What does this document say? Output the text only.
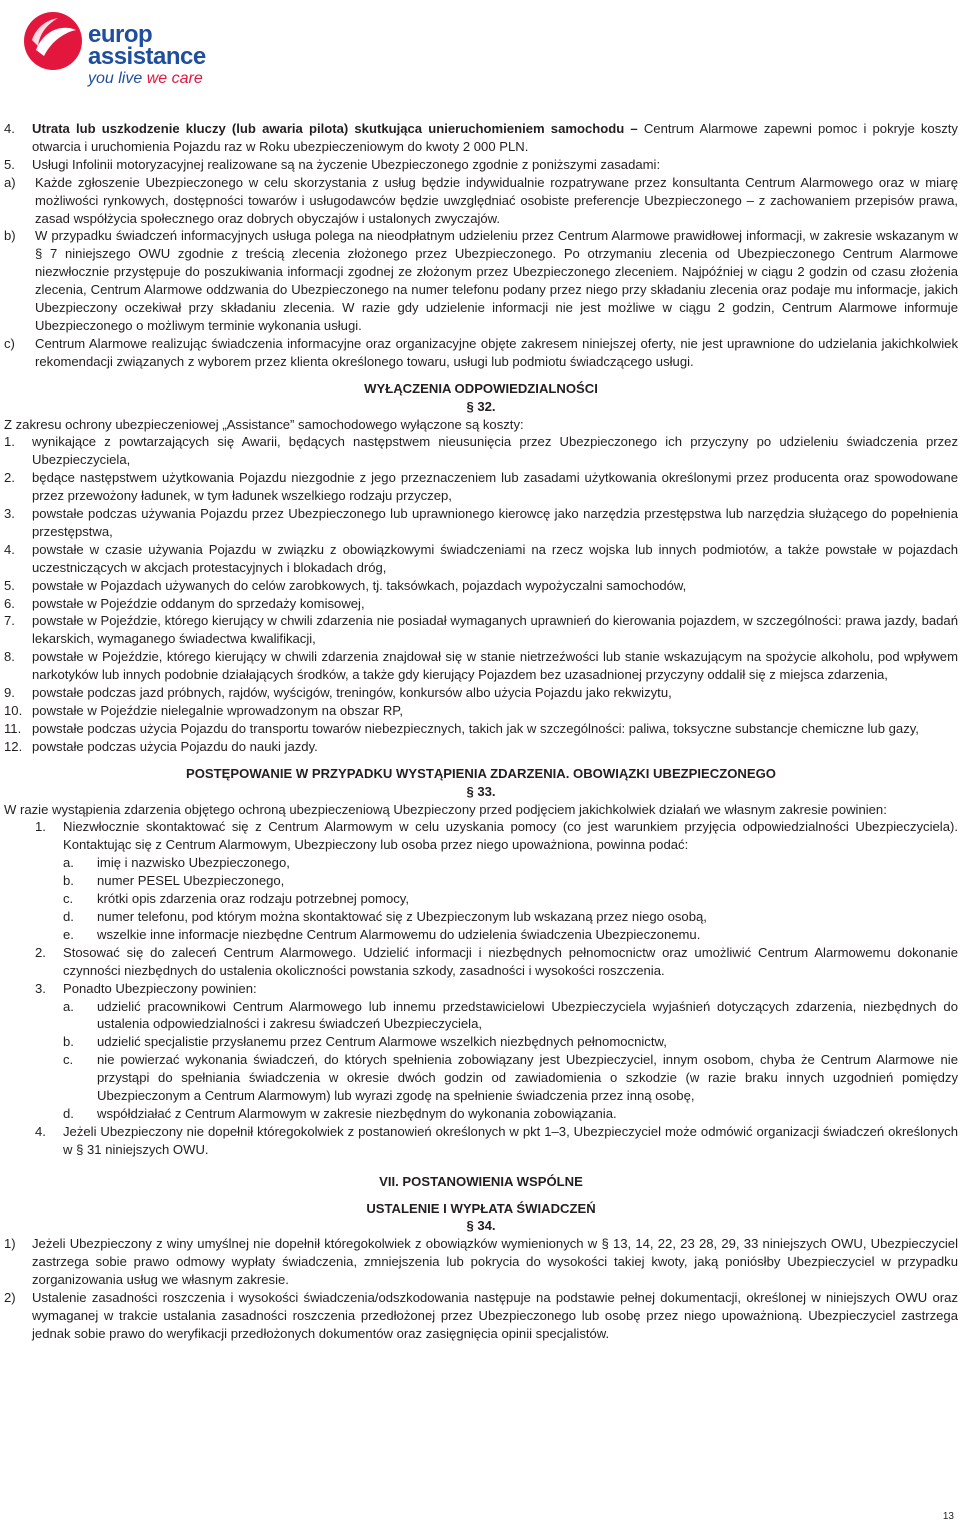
europ
assistance
you live we care
4. Utrata lub uszkodzenie kluczy (lub awaria pilota) skutkująca unieruchomieniem samochodu – Centrum Alarmowe zapewni pomoc i pokryje koszty otwarcia i uruchomienia Pojazdu raz w Roku ubezpieczeniowym do kwoty 2 000 PLN.
5. Usługi Infolinii motoryzacyjnej realizowane są na życzenie Ubezpieczonego zgodnie z poniższymi zasadami:
a) Każde zgłoszenie Ubezpieczonego w celu skorzystania z usług będzie indywidualnie rozpatrywane przez konsultanta Centrum Alarmowego oraz w miarę możliwości rynkowych, dostępności towarów i usługodawców będzie uwzględniać osobiste preferencje Ubezpieczonego – z zachowaniem przepisów prawa, zasad współżycia społecznego oraz dobrych obyczajów i ustalonych zwyczajów.
b) W przypadku świadczeń informacyjnych usługa polega na nieodpłatnym udzieleniu przez Centrum Alarmowe prawidłowej informacji, w zakresie wskazanym w § 7 niniejszego OWU zgodnie z treścią zlecenia złożonego przez Ubezpieczonego. Po otrzymaniu zlecenia od Ubezpieczonego Centrum Alarmowe niezwłocznie przystępuje do poszukiwania informacji zgodnej ze złożonym przez Ubezpieczonego zleceniem. Najpóźniej w ciągu 2 godzin od czasu złożenia zlecenia, Centrum Alarmowe oddzwania do Ubezpieczonego na numer telefonu podany przez niego przy składaniu zlecenia oraz podaje mu informacje, jakich Ubezpieczony oczekiwał przy składaniu zlecenia. W razie gdy udzielenie informacji nie jest możliwe w ciągu 2 godzin, Centrum Alarmowe informuje Ubezpieczonego o możliwym terminie wykonania usługi.
c) Centrum Alarmowe realizując świadczenia informacyjne oraz organizacyjne objęte zakresem niniejszej oferty, nie jest uprawnione do udzielania jakichkolwiek rekomendacji związanych z wyborem przez klienta określonego towaru, usługi lub podmiotu świadczącego usługi.
WYŁĄCZENIA ODPOWIEDZIALNOŚCI
§ 32.

Z zakresu ochrony ubezpieczeniowej „Assistance” samochodowego wyłączone są koszty:

1. wynikające z powtarzających się Awarii, będących następstwem nieusunięcia przez Ubezpieczonego ich przyczyny po udzieleniu świadczenia przez Ubezpieczyciela,
2. będące następstwem użytkowania Pojazdu niezgodnie z jego przeznaczeniem lub zasadami użytkowania określonymi przez producenta oraz spowodowane przez przewożony ładunek, w tym ładunek wszelkiego rodzaju przyczep,
3. powstałe podczas używania Pojazdu przez Ubezpieczonego lub uprawnionego kierowcę jako narzędzia przestępstwa lub narzędzia służącego do popełnienia przestępstwa,
4. powstałe w czasie używania Pojazdu w związku z obowiązkowymi świadczeniami na rzecz wojska lub innych podmiotów, a także powstałe w pojazdach uczestniczących w akcjach protestacyjnych i blokadach dróg,
5. powstałe w Pojazdach używanych do celów zarobkowych, tj. taksówkach, pojazdach wypożyczalni samochodów,
6. powstałe w Pojeździe oddanym do sprzedaży komisowej,
7. powstałe w Pojeździe, którego kierujący w chwili zdarzenia nie posiadał wymaganych uprawnień do kierowania pojazdem, w szczególności: prawa jazdy, badań lekarskich, wymaganego świadectwa kwalifikacji,
8. powstałe w Pojeździe, którego kierujący w chwili zdarzenia znajdował się w stanie nietrzeźwości lub stanie wskazującym na spożycie alkoholu, pod wpływem narkotyków lub innych podobnie działających środków, a także gdy kierujący Pojazdem bez uzasadnionej przyczyny oddalił się z miejsca zdarzenia,
9. powstałe podczas jazd próbnych, rajdów, wyścigów, treningów, konkursów albo użycia Pojazdu jako rekwizytu,
10. powstałe w Pojeździe nielegalnie wprowadzonym na obszar RP,
11. powstałe podczas użycia Pojazdu do transportu towarów niebezpiecznych, takich jak w szczególności: paliwa, toksyczne substancje chemiczne lub gazy,
12. powstałe podczas użycia Pojazdu do nauki jazdy.
POSTĘPOWANIE W PRZYPADKU WYSTĄPIENIA ZDARZENIA. OBOWIĄZKI UBEZPIECZONEGO
§ 33.

W razie wystąpienia zdarzenia objętego ochroną ubezpieczeniową Ubezpieczony przed podjęciem jakichkolwiek działań we własnym zakresie powinien:

1. Niezwłocznie skontaktować się z Centrum Alarmowym w celu uzyskania pomocy (co jest warunkiem przyjęcia odpowiedzialności Ubezpieczyciela). Kontaktując się z Centrum Alarmowym, Ubezpieczony lub osoba przez niego upoważniona, powinna podać:
a. imię i nazwisko Ubezpieczonego,
b. numer PESEL Ubezpieczonego,
c. krótki opis zdarzenia oraz rodzaju potrzebnej pomocy,
d. numer telefonu, pod którym można skontaktować się z Ubezpieczonym lub wskazaną przez niego osobą,
e. wszelkie inne informacje niezbędne Centrum Alarmowemu do udzielenia świadczenia Ubezpieczonemu.
2. Stosować się do zaleceń Centrum Alarmowego. Udzielić informacji i niezbędnych pełnomocnictw oraz umożliwić Centrum Alarmowemu dokonanie czynności niezbędnych do ustalenia okoliczności powstania szkody, zasadności i wysokości roszczenia.
3. Ponadto Ubezpieczony powinien:
a. udzielić pracownikowi Centrum Alarmowego lub innemu przedstawicielowi Ubezpieczyciela wyjaśnień dotyczących zdarzenia, niezbędnych do ustalenia odpowiedzialności i zakresu świadczeń Ubezpieczyciela,
b. udzielić specjalistie przysłanemu przez Centrum Alarmowe wszelkich niezbędnych pełnomocnictw,
c. nie powierzać wykonania świadczeń, do których spełnienia zobowiązany jest Ubezpieczyciel, innym osobom, chyba że Centrum Alarmowe nie przystąpi do spełniania świadczenia w okresie dwóch godzin od zawiadomienia o szkodzie (w razie braku innych uzgodnień pomiędzy Ubezpieczonym a Centrum Alarmowym) lub wyrazi zgodę na spełnienie świadczenia przez inną osobę,
d. współdziałać z Centrum Alarmowym w zakresie niezbędnym do wykonania zobowiązania.
4. Jeżeli Ubezpieczony nie dopełnił któregokolwiek z postanowień określonych w pkt 1–3, Ubezpieczyciel może odmówić organizacji świadczeń określonych w § 31 niniejszych OWU.
VII. POSTANOWIENIA WSPÓLNE
USTALENIE I WYPŁATA ŚWIADCZEŃ
§ 34.
1) Jeżeli Ubezpieczony z winy umyślnej nie dopełnił któregokolwiek z obowiązków wymienionych w § 13, 14, 22, 23 28, 29, 33 niniejszych OWU, Ubezpieczyciel zastrzega sobie prawo odmowy wypłaty świadczenia, zmniejszenia lub pokrycia do wysokości takiej kwoty, jaką poniósłby Ubezpieczyciel w przypadku zorganizowania usług we własnym zakresie.
2) Ustalenie zasadności roszczenia i wysokości świadczenia/odszkodowania następuje na podstawie pełnej dokumentacji, określonej w niniejszych OWU oraz wymaganej w trakcie ustalania zasadności roszczenia przedłożonej przez Ubezpieczonego lub osobę przez niego upoważnioną. Ubezpieczyciel zastrzega jednak sobie prawo do weryfikacji przedłożonych dokumentów oraz zasięgnięcia opinii specjalistów.
13
